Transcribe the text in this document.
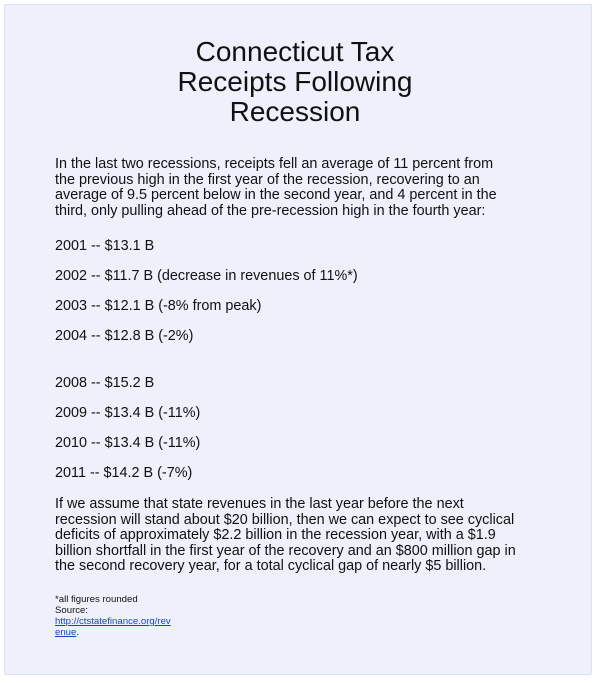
Connecticut Tax
Receipts Following
Recession

In the last two recessions, receipts fell an average of 11 percent from the previous high in the first year of the recession, recovering to an average of 9.5 percent below in the second year, and 4 percent in the third, only pulling ahead of the pre-recession high in the fourth year:

2001 -- $13.1 B

2002 -- $11.7 B (decrease in revenues of 11%*)

2003 -- $12.1 B (-8% from peak)

2004 -- $12.8 B (-2%)

2008 -- $15.2 B

2009 -- $13.4 B (-11%)

2010 -- $13.4 B (-11%)

2011 -- $14.2 B (-7%)

If we assume that state revenues in the last year before the next recession will stand about $20 billion, then we can expect to see cyclical deficits of approximately $2.2 billion in the recession year, with a $1.9 billion shortfall in the first year of the recovery and an $800 million gap in the second recovery year, for a total cyclical gap of nearly $5 billion.

*all figures rounded
Source:
http://ctstatefinance.org/rev
enue.
